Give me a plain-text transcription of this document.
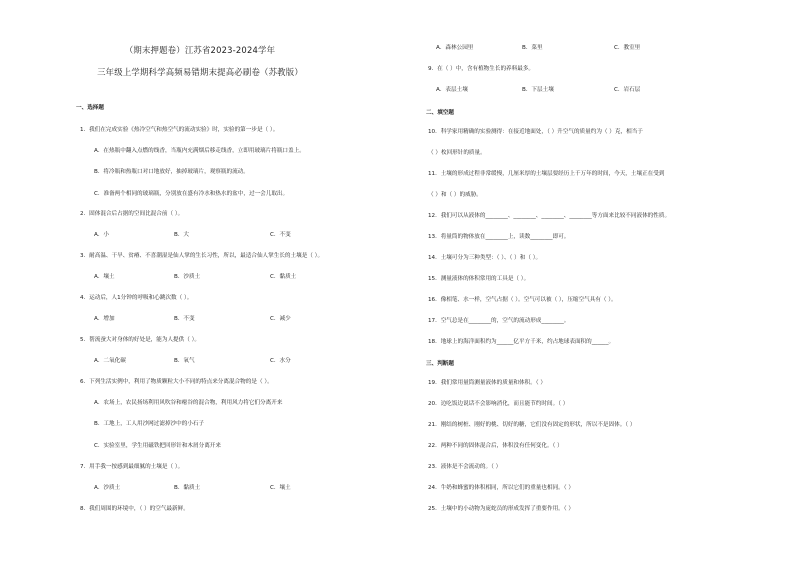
（期末押题卷）江苏省2023-2024学年
三年级上学期科学高频易错期末提高必刷卷（苏教版）
一、选择题
1．我们在完成实验《热冷空气和热空气的流动实验》时，实验的第一步是（ ）。
A．在热瓶中翻入点燃的线香，当瓶内充满烟后移走线香，立即用玻璃片将瓶口盖上。
B．将冷瓶和热瓶口对口地放好，抽掉玻璃片，观察瓶的流动。
C．准备两个相同的玻璃瓶，分别放在盛有冷水和热水的盆中，过一会儿取出。
2．固体混合后占据的空间比混合前（ ）。
A．小	B．大	C．不变
3．耐高温、干旱、贫瘠、不喜潮湿是仙人掌的生长习性，所以，最适合仙人掌生长的土壤是（ ）。
A．壤土	B．沙质土	C．黏质土
4．运动后，人1分钟的呼吸和心跳次数（ ）。
A．增加	B．不变	C．减少
5．帮流蚕大对身体的好处是，能为人提供（ ）。
A．二氧化碳	B．氧气	C．水分
6．下列生活实例中，利用了物质颗粒大小不同的特点来分离混合物的是（ ）。
A．农场上，农民扬场利用风吹谷和瘪谷的混合物，利用风力将它们分离开来
B．工地上，工人用沙网过滤掉沙中的小石子
C．实验室里，学生用磁铁把回形针和木屑分离开来
7．用手我一按感到最细腻的土壤是（ ）。
A．沙质土	B．黏质土	C．壤土
8．我们周围的环境中，（ ）的空气最新鲜。
A．森林公园里	B．菜里	C．教室里
9．在（ ）中，含有植物生长的养料最多。
A．表层土壤	B．下层土壤	C．岩石层
二、填空题
10．科学家用精确的实验测得：在接近地面处，（ ）升空气的质量约为（ ）克，相当于
（ ）枚回形针的质量。
11．土壤的形成过程非常缓慢，几厘米厚的土壤层要经历上千万年的时间，今天，土壤正在受到
（ ）和（ ）的威胁。
12．我们可以从液体的________、________、________、________等方面来比较不同液体的性质。
13．将量筒的物体放在________上，读数________即可。
14．土壤可分为三种类型：（ ）、（ ）和（ ）。
15．测量液体的体积常用的工具是（ ）。
16．像相笔、水一样，空气占据（ ）。空气可以被（ ），压缩空气具有（ ）。
17．空气总是在________的，空气的流动形成________。
18．地球上的海洋面积约为______亿平方千米，约占地球表面积的______。
三、判断题
19．我们常用量筒测量液体的质量和体积。（ ）
20．边吃饭边说话不会影响消化，而且能节约时间。（ ）
21．刚结的树桩、刚好的桃、切好的糖，它们没有固定的形状，所以不是固体。（ ）
22．两种不同的固体混合后，体积没有任何变化。（ ）
23．液体是不会流动的。（ ）
24．牛奶和蜂蜜的体积相同，所以它们的重量也相同。（ ）
25．土壤中的小动物为庞蛇员的形成发挥了重要作用。（ ）
